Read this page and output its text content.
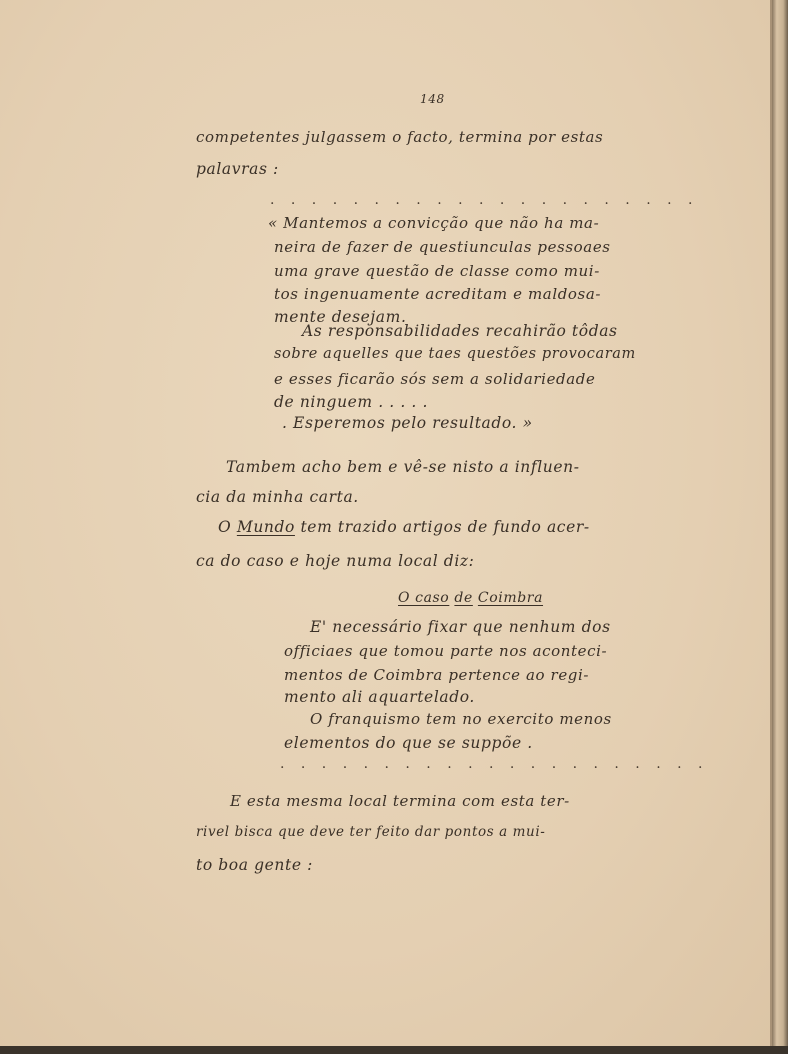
148
competentes julgassem o facto, termina por estas
palavras :
. . . . . . . . . . . . . . . . . . . . .
« Mantemos a convicção que não ha ma-
neira de fazer de questiunculas pessoaes
uma grave questão de classe como mui-
tos ingenuamente acreditam e maldosa-
mente desejam.
As responsabilidades recahirão tôdas
sobre aquelles que taes questões provocaram
e esses ficarão sós sem a solidariedade
de ninguem . . . . .
. Esperemos pelo resultado. »
Tambem acho bem e vê-se nisto a influen-
cia da minha carta.
O Mundo tem trazido artigos de fundo acer-
ca do caso e hoje numa local diz:
O caso de Coimbra
E' necessário fixar que nenhum dos
officiaes que tomou parte nos aconteci-
mentos de Coimbra pertence ao regi-
mento ali aquartelado.
O franquismo tem no exercito menos
elementos do que se suppõe .
. . . . . . . . . . . . . . . . . . . . .
E esta mesma local termina com esta ter-
rivel bisca que deve ter feito dar pontos a mui-
to boa gente :
